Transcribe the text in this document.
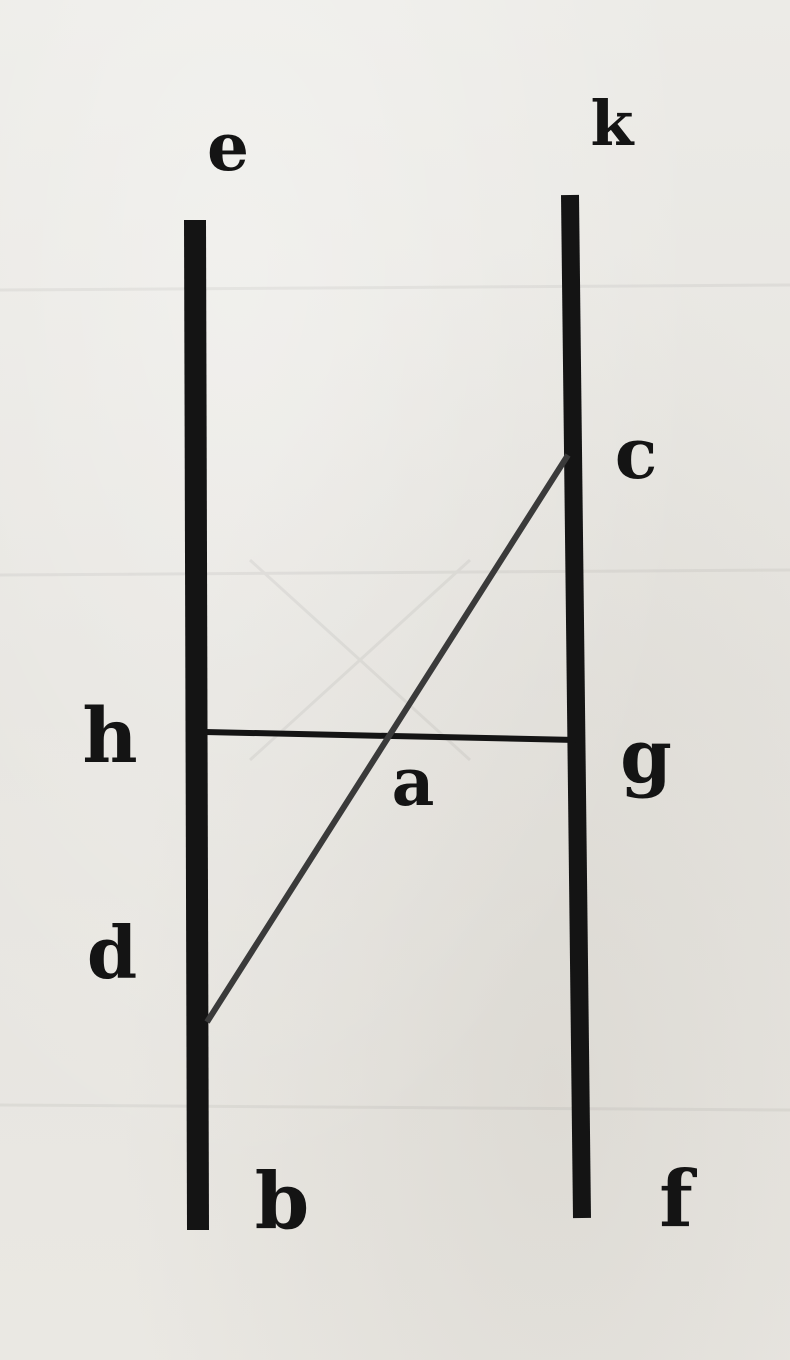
e	k
c
h	g
a
d
b	f
